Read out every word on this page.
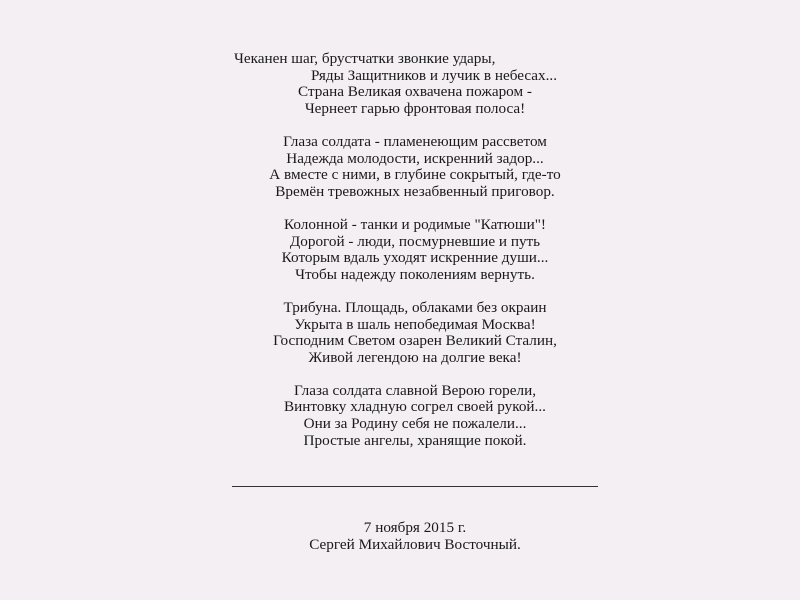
Чеканен шаг, брустчатки звонкие удары,
Ряды Защитников и лучик в небесах...
Страна Великая охвачена пожаром -
Чернеет гарью фронтовая полоса!
Глаза солдата - пламенеющим рассветом
Надежда молодости, искренний задор...
А вместе с ними, в глубине сокрытый, где-то
Времён тревожных незабвенный приговор.
Колонной - танки и родимые "Катюши"!
Дорогой - люди, посмурневшие и путь
Которым вдаль уходят искренние души...
Чтобы надежду поколениям вернуть.
Трибуна. Площадь, облаками без окраин
Укрыта в шаль непобедимая Москва!
Господним Светом озарен Великий Сталин,
Живой легендою на долгие века!
Глаза солдата славной Верою горели,
Винтовку хладную согрел своей рукой...
Они за Родину себя не пожалели...
Простые ангелы, хранящие покой.
7 ноября 2015 г.
Сергей Михайлович Восточный.
